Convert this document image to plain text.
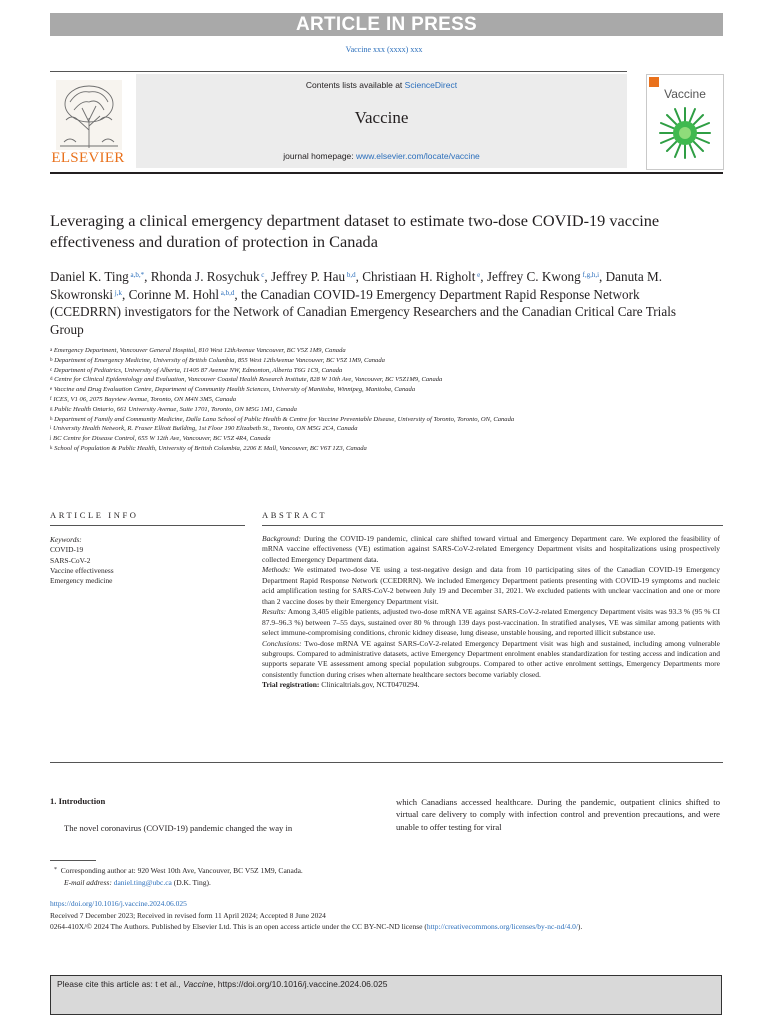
ARTICLE IN PRESS
Vaccine xxx (xxxx) xxx
ELSEVIER
Contents lists available at ScienceDirect
Vaccine
journal homepage: www.elsevier.com/locate/vaccine
Vaccine
Leveraging a clinical emergency department dataset to estimate two-dose COVID-19 vaccine effectiveness and duration of protection in Canada
Daniel K. Ting $^{a,b,*}$, Rhonda J. Rosychuk $^c$, Jeffrey P. Hau $^{b,d}$, Christiaan H. Righolt $^e$, Jeffrey C. Kwong $^{f,g,h,i}$, Danuta M. Skowronski $^{j,k}$, Corinne M. Hohl $^{a,b,d}$, the Canadian COVID-19 Emergency Department Rapid Response Network (CCEDRRN) investigators for the Network of Canadian Emergency Researchers and the Canadian Critical Care Trials Group
$^a$ Emergency Department, Vancouver General Hospital, 810 West 12thAvenue Vancouver, BC V5Z 1M9, Canada
$^b$ Department of Emergency Medicine, University of British Columbia, 855 West 12thAvenue Vancouver, BC V5Z 1M9, Canada
$^c$ Department of Pediatrics, University of Alberta, 11405 87 Avenue NW, Edmonton, Alberta T6G 1C9, Canada
$^d$ Centre for Clinical Epidemiology and Evaluation, Vancouver Coastal Health Research Institute, 828 W 10th Ave, Vancouver, BC V5Z1M9, Canada
$^e$ Vaccine and Drug Evaluation Centre, Department of Community Health Sciences, University of Manitoba, Winnipeg, Manitoba, Canada
$^f$ ICES, V1 06, 2075 Bayview Avenue, Toronto, ON M4N 3M5, Canada
$^g$ Public Health Ontario, 661 University Avenue, Suite 1701, Toronto, ON M5G 1M1, Canada
$^h$ Department of Family and Community Medicine, Dalla Lana School of Public Health & Centre for Vaccine Preventable Disease, University of Toronto, Toronto, ON, Canada
$^i$ University Health Network, R. Fraser Elliott Building, 1st Floor 190 Elizabeth St., Toronto, ON M5G 2C4, Canada
$^j$ BC Centre for Disease Control, 655 W 12th Ave, Vancouver, BC V5Z 4R4, Canada
$^k$ School of Population & Public Health, University of British Columbia, 2206 E Mall, Vancouver, BC V6T 1Z3, Canada
ARTICLE INFO	ABSTRACT
Keywords:
COVID-19
SARS-CoV-2
Vaccine effectiveness
Emergency medicine

Background: During the COVID-19 pandemic, clinical care shifted toward virtual and Emergency Department care. We explored the feasibility of mRNA vaccine effectiveness (VE) estimation against SARS-CoV-2-related Emergency Department visits and hospitalizations using prospectively collected Emergency Department data.

Methods: We estimated two-dose VE using a test-negative design and data from 10 participating sites of the Canadian COVID-19 Emergency Department Rapid Response Network (CCEDRRN). We included Emergency Department patients presenting with COVID-19 symptoms and nucleic acid amplification testing for SARS-CoV-2 between July 19 and December 31, 2021. We excluded patients with unclear vaccination and one or more than 2 vaccine doses by their Emergency Department visit.

Results: Among 3,405 eligible patients, adjusted two-dose mRNA VE against SARS-CoV-2-related Emergency Department visits was 93.3 % (95 % CI 87.9–96.3 %) between 7–55 days, sustained over 80 % through 139 days post-vaccination. In stratified analyses, VE was similar among patients with select immune-compromising conditions, chronic kidney disease, lung disease, unstable housing, and reported illicit substance use.

Conclusions: Two-dose mRNA VE against SARS-CoV-2-related Emergency Department visit was high and sustained, including among vulnerable subgroups. Compared to administrative datasets, active Emergency Department enrolment enables standardization for testing access and indication and supports separate VE assessment among special population subgroups. Compared to other active enrolment settings, Emergency Departments more consistently function during crises when alternate healthcare sectors become variably closed.

Trial registration: Clinicaltrials.gov, NCT0470294.

1. Introduction
The novel coronavirus (COVID-19) pandemic changed the way in
which Canadians accessed healthcare. During the pandemic, outpatient clinics shifted to virtual care delivery to comply with infection control and prevention precautions, and were unable to offer testing for viral
* Corresponding author at: 920 West 10th Ave, Vancouver, BC V5Z 1M9, Canada.
E-mail address: daniel.ting@ubc.ca (D.K. Ting).
https://doi.org/10.1016/j.vaccine.2024.06.025
Received 7 December 2023; Received in revised form 11 April 2024; Accepted 8 June 2024
0264-410X/© 2024 The Authors. Published by Elsevier Ltd. This is an open access article under the CC BY-NC-ND license (http://creativecommons.org/licenses/by-nc-nd/4.0/).
Please cite this article as: t et al., Vaccine, https://doi.org/10.1016/j.vaccine.2024.06.025
